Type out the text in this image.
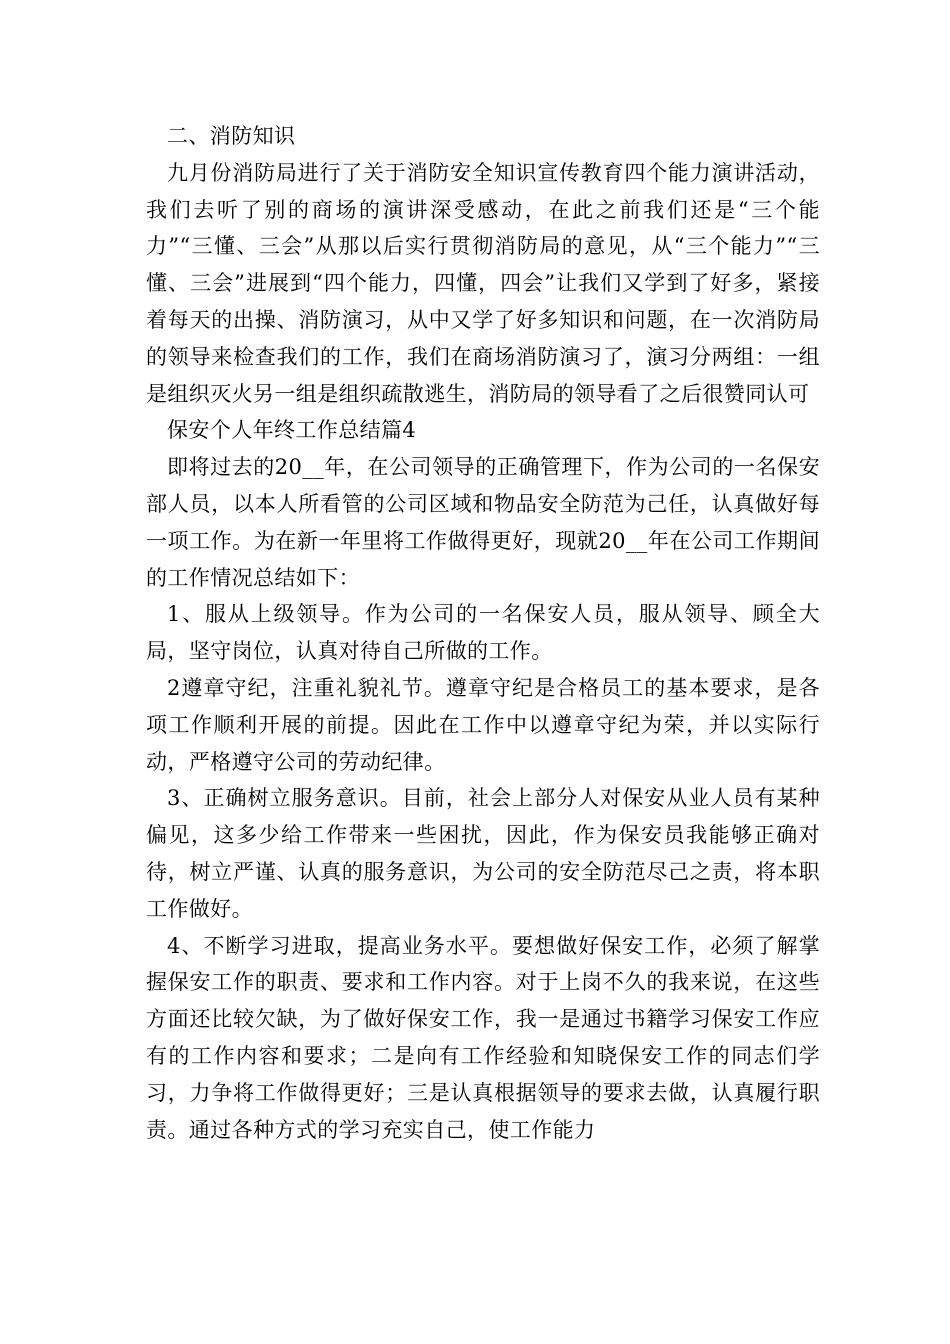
二、消防知识

九月份消防局进行了关于消防安全知识宣传教育四个能力演讲活动，我们去听了别的商场的演讲深受感动，在此之前我们还是“三个能力”“三懂、三会”从那以后实行贯彻消防局的意见，从“三个能力”“三懂、三会”进展到“四个能力，四懂，四会”让我们又学到了好多，紧接着每天的出操、消防演习，从中又学了好多知识和问题，在一次消防局的领导来检查我们的工作，我们在商场消防演习了，演习分两组：一组是组织灭火另一组是组织疏散逃生，消防局的领导看了之后很赞同认可

保安个人年终工作总结篇4

即将过去的20__年，在公司领导的正确管理下，作为公司的一名保安部人员，以本人所看管的公司区域和物品安全防范为己任，认真做好每一项工作。为在新一年里将工作做得更好，现就20__年在公司工作期间的工作情况总结如下：

1、服从上级领导。作为公司的一名保安人员，服从领导、顾全大局，坚守岗位，认真对待自己所做的工作。

2遵章守纪，注重礼貌礼节。遵章守纪是合格员工的基本要求，是各项工作顺利开展的前提。因此在工作中以遵章守纪为荣，并以实际行动，严格遵守公司的劳动纪律。

3、正确树立服务意识。目前，社会上部分人对保安从业人员有某种偏见，这多少给工作带来一些困扰，因此，作为保安员我能够正确对待，树立严谨、认真的服务意识，为公司的安全防范尽己之责，将本职工作做好。

4、不断学习进取，提高业务水平。要想做好保安工作，必须了解掌握保安工作的职责、要求和工作内容。对于上岗不久的我来说，在这些方面还比较欠缺，为了做好保安工作，我一是通过书籍学习保安工作应有的工作内容和要求；二是向有工作经验和知晓保安工作的同志们学习，力争将工作做得更好；三是认真根据领导的要求去做，认真履行职责。通过各种方式的学习充实自己，使工作能力
